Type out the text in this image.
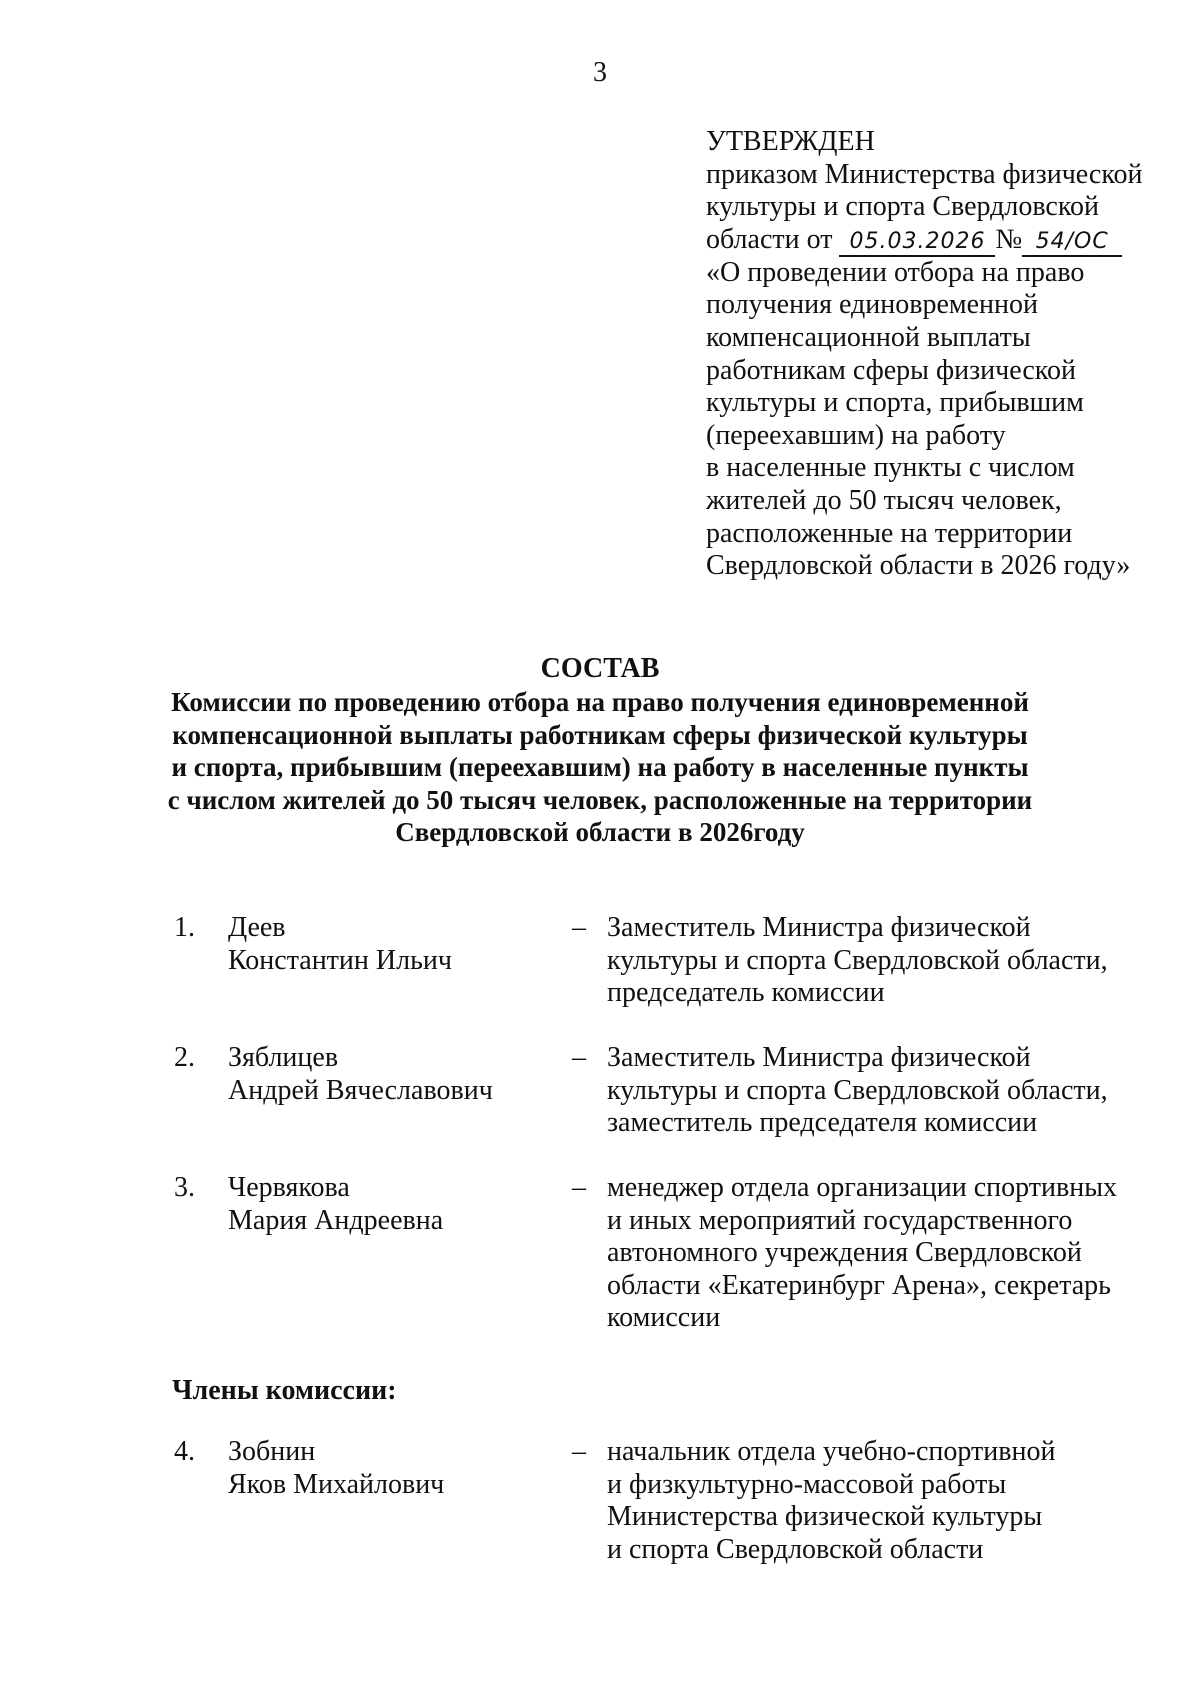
3
УТВЕРЖДЕН
приказом Министерства физической
культуры и спорта Свердловской
области от 05.03.2026 № 54/ОС
«О проведении отбора на право
получения единовременной
компенсационной выплаты
работникам сферы физической
культуры и спорта, прибывшим
(переехавшим) на работу
в населенные пункты с числом
жителей до 50 тысяч человек,
расположенные на территории
Свердловской области в 2026 году»
СОСТАВ
Комиссии по проведению отбора на право получения единовременной
компенсационной выплаты работникам сферы физической культуры
и спорта, прибывшим (переехавшим) на работу в населенные пункты
с числом жителей до 50 тысяч человек, расположенные на территории
Свердловской области в 2026году
1.	Деев
Константин Ильич
– Заместитель Министра физической
культуры и спорта Свердловской области,
председатель комиссии
2.	Зяблицев
Андрей Вячеславович
– Заместитель Министра физической
культуры и спорта Свердловской области,
заместитель председателя комиссии
3.	Червякова
Мария Андреевна
– менеджер отдела организации спортивных
и иных мероприятий государственного
автономного учреждения Свердловской
области «Екатеринбург Арена», секретарь
комиссии
Члены комиссии:
4.	Зобнин
Яков Михайлович
– начальник отдела учебно-спортивной
и физкультурно-массовой работы
Министерства физической культуры
и спорта Свердловской области
